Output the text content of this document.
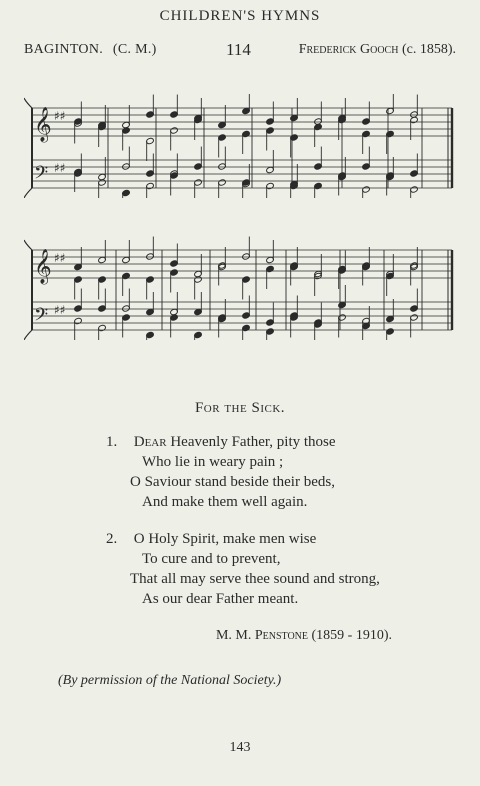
CHILDREN'S HYMNS
BAGINTON. (C. M.)	114	Frederick Gooch (c. 1858).
𝄞 ♯♯
𝄢 ♯♯
𝄞 ♯♯
𝄢 ♯♯
For the Sick.
1. Dear Heavenly Father, pity those
Who lie in weary pain ;
O Saviour stand beside their beds,
And make them well again.
2. O Holy Spirit, make men wise
To cure and to prevent,
That all may serve thee sound and strong,
As our dear Father meant.
M. M. Penstone (1859 - 1910).
(By permission of the National Society.)
143
